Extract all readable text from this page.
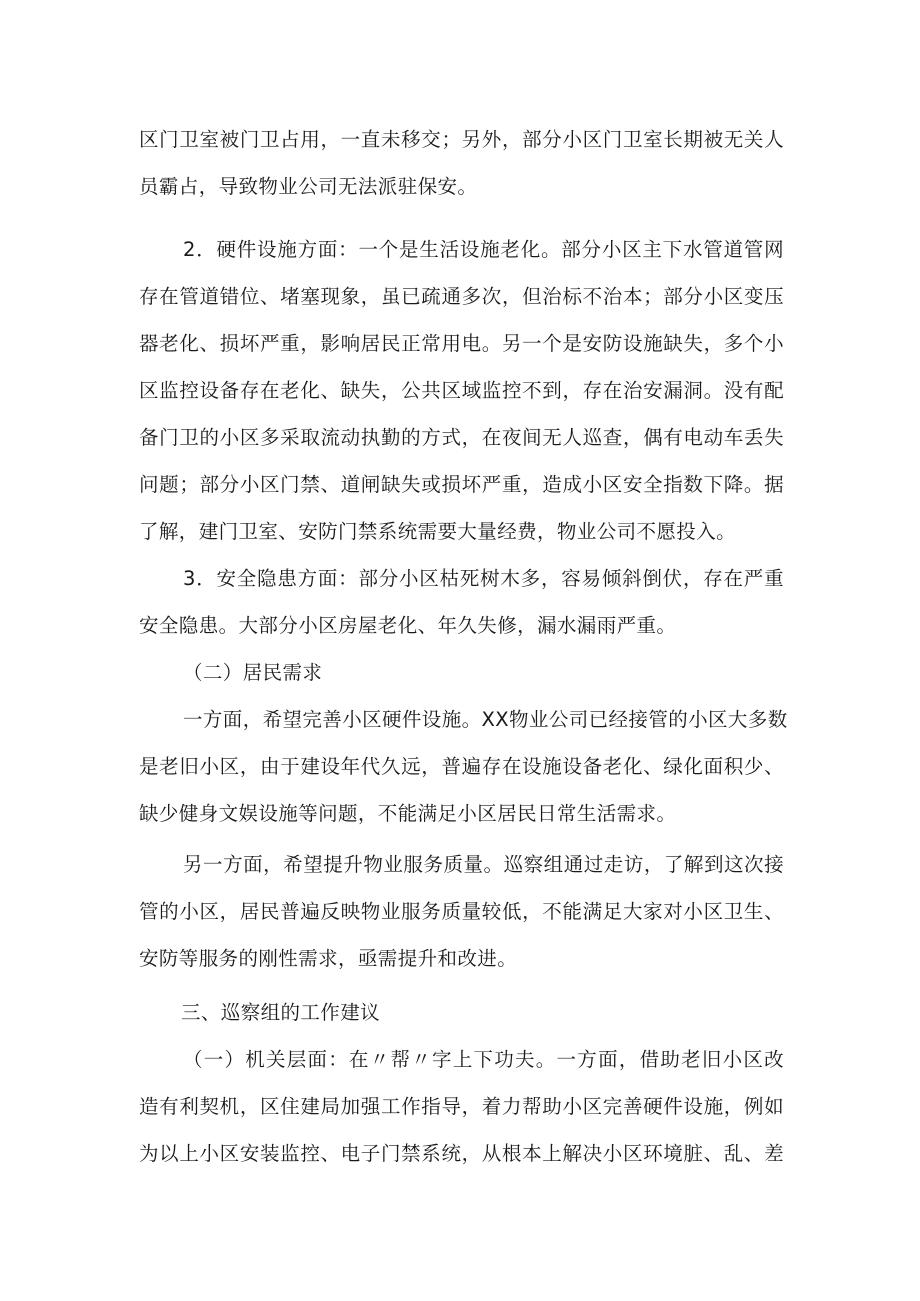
区门卫室被门卫占用，一直未移交；另外，部分小区门卫室长期被无关人
员霸占，导致物业公司无法派驻保安。
2．硬件设施方面：一个是生活设施老化。部分小区主下水管道管网
存在管道错位、堵塞现象，虽已疏通多次，但治标不治本；部分小区变压
器老化、损坏严重，影响居民正常用电。另一个是安防设施缺失，多个小
区监控设备存在老化、缺失，公共区域监控不到，存在治安漏洞。没有配
备门卫的小区多采取流动执勤的方式，在夜间无人巡查，偶有电动车丢失
问题；部分小区门禁、道闸缺失或损坏严重，造成小区安全指数下降。据
了解，建门卫室、安防门禁系统需要大量经费，物业公司不愿投入。
3．安全隐患方面：部分小区枯死树木多，容易倾斜倒伏，存在严重
安全隐患。大部分小区房屋老化、年久失修，漏水漏雨严重。
（二）居民需求
一方面，希望完善小区硬件设施。XX物业公司已经接管的小区大多数
是老旧小区，由于建设年代久远，普遍存在设施设备老化、绿化面积少、
缺少健身文娱设施等问题，不能满足小区居民日常生活需求。
另一方面，希望提升物业服务质量。巡察组通过走访，了解到这次接
管的小区，居民普遍反映物业服务质量较低，不能满足大家对小区卫生、
安防等服务的刚性需求，亟需提升和改进。
三、巡察组的工作建议
（一）机关层面：在〃帮〃字上下功夫。一方面，借助老旧小区改
造有利契机，区住建局加强工作指导，着力帮助小区完善硬件设施，例如
为以上小区安装监控、电子门禁系统，从根本上解决小区环境脏、乱、差
